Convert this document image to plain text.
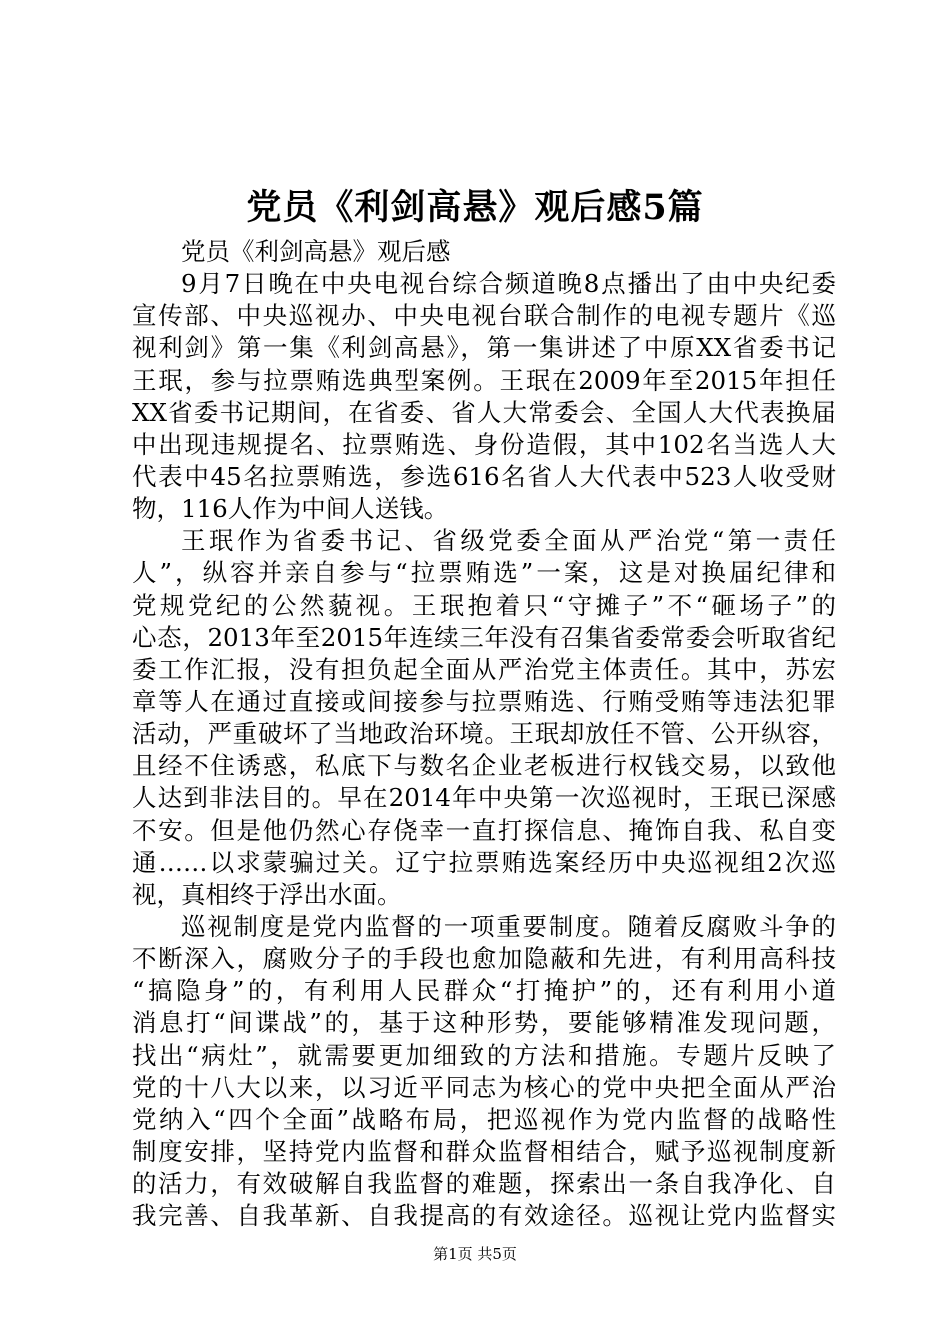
党员《利剑高悬》观后感5篇
党员《利剑高悬》观后感
9月7日晚在中央电视台综合频道晚8点播出了由中央纪委
宣传部、中央巡视办、中央电视台联合制作的电视专题片《巡
视利剑》第一集《利剑高悬》，第一集讲述了中原XX省委书记
王珉，参与拉票贿选典型案例。王珉在2009年至2015年担任
XX省委书记期间，在省委、省人大常委会、全国人大代表换届
中出现违规提名、拉票贿选、身份造假，其中102名当选人大
代表中45名拉票贿选，参选616名省人大代表中523人收受财
物，116人作为中间人送钱。
王珉作为省委书记、省级党委全面从严治党“第一责任
人”，纵容并亲自参与“拉票贿选”一案，这是对换届纪律和
党规党纪的公然藐视。王珉抱着只“守摊子”不“砸场子”的
心态，2013年至2015年连续三年没有召集省委常委会听取省纪
委工作汇报，没有担负起全面从严治党主体责任。其中，苏宏
章等人在通过直接或间接参与拉票贿选、行贿受贿等违法犯罪
活动，严重破坏了当地政治环境。王珉却放任不管、公开纵容，
且经不住诱惑，私底下与数名企业老板进行权钱交易，以致他
人达到非法目的。早在2014年中央第一次巡视时，王珉已深感
不安。但是他仍然心存侥幸一直打探信息、掩饰自我、私自变
通……以求蒙骗过关。辽宁拉票贿选案经历中央巡视组2次巡
视，真相终于浮出水面。
巡视制度是党内监督的一项重要制度。随着反腐败斗争的
不断深入，腐败分子的手段也愈加隐蔽和先进，有利用高科技
“搞隐身”的，有利用人民群众“打掩护”的，还有利用小道
消息打“间谍战”的，基于这种形势，要能够精准发现问题，
找出“病灶”，就需要更加细致的方法和措施。专题片反映了
党的十八大以来，以习近平同志为核心的党中央把全面从严治
党纳入“四个全面”战略布局，把巡视作为党内监督的战略性
制度安排，坚持党内监督和群众监督相结合，赋予巡视制度新
的活力，有效破解自我监督的难题，探索出一条自我净化、自
我完善、自我革新、自我提高的有效途径。巡视让党内监督实
第1页 共5页
